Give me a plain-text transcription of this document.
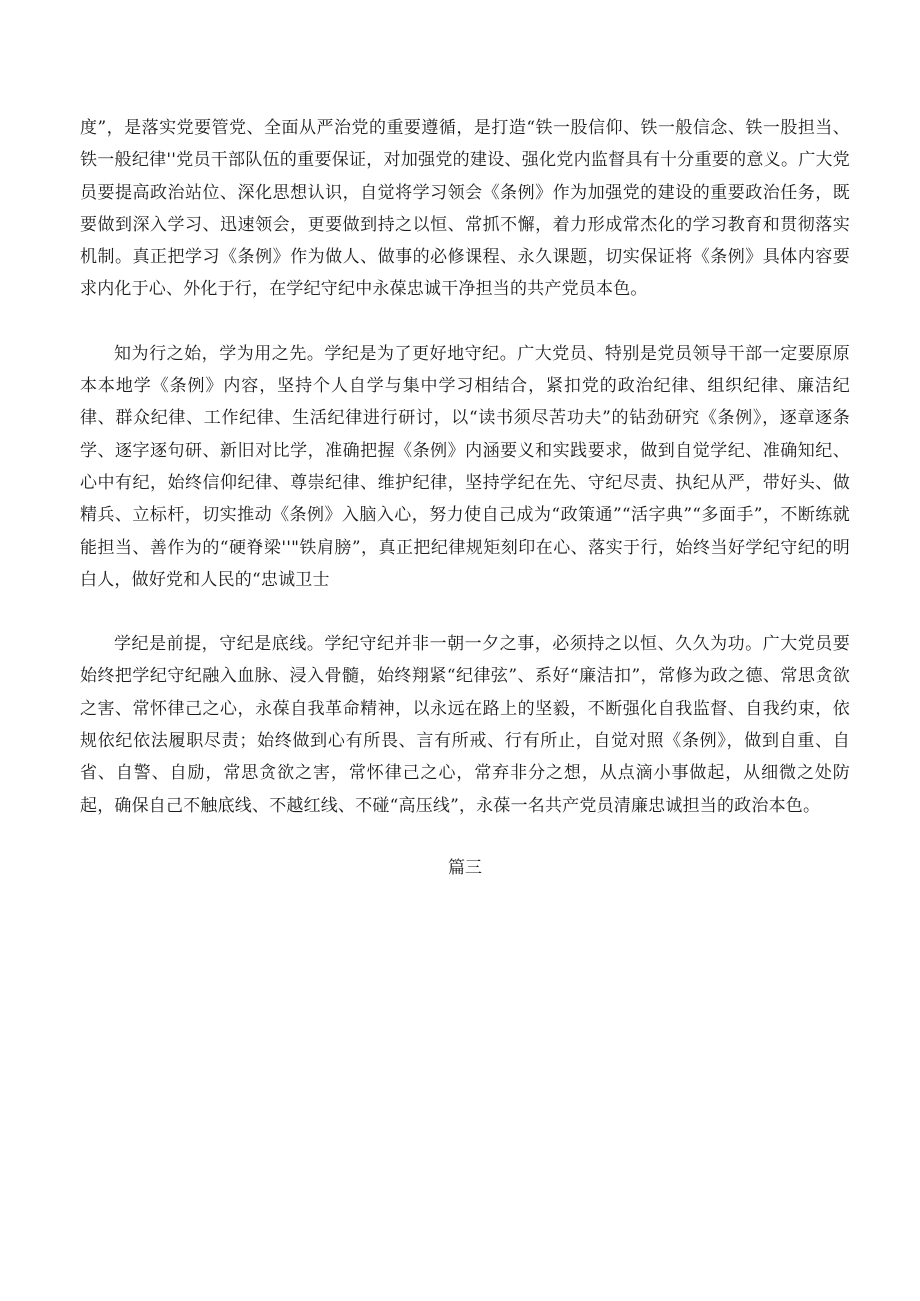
度”，是落实党要管党、全面从严治党的重要遵循，是打造“铁一股信仰、铁一般信念、铁一股担当、铁一般纪律''党员干部队伍的重要保证，对加强党的建设、强化党内监督具有十分重要的意义。广大党员要提高政治站位、深化思想认识，自觉将学习领会《条例》作为加强党的建设的重要政治任务，既要做到深入学习、迅速领会，更要做到持之以恒、常抓不懈，着力形成常杰化的学习教育和贯彻落实机制。真正把学习《条例》作为做人、做事的必修课程、永久课题，切实保证将《条例》具体内容要求内化于心、外化于行，在学纪守纪中永葆忠诚干净担当的共产党员本色。

知为行之始，学为用之先。学纪是为了更好地守纪。广大党员、特别是党员领导干部一定要原原本本地学《条例》内容，坚持个人自学与集中学习相结合，紧扣党的政治纪律、组织纪律、廉洁纪律、群众纪律、工作纪律、生活纪律进行研讨，以“读书须尽苦功夫”的钻劲研究《条例》，逐章逐条学、逐字逐句研、新旧对比学，准确把握《条例》内涵要义和实践要求，做到自觉学纪、准确知纪、心中有纪，始终信仰纪律、尊崇纪律、维护纪律，坚持学纪在先、守纪尽责、执纪从严，带好头、做精兵、立标杆，切实推动《条例》入脑入心，努力使自己成为“政策通”“活字典”“多面手”，不断练就能担当、善作为的“硬脊梁''"铁肩膀”，真正把纪律规矩刻印在心、落实于行，始终当好学纪守纪的明白人，做好党和人民的“忠诚卫士

学纪是前提，守纪是底线。学纪守纪并非一朝一夕之事，必须持之以恒、久久为功。广大党员要始终把学纪守纪融入血脉、浸入骨髓，始终翔紧“纪律弦”、系好“廉洁扣”，常修为政之德、常思贪欲之害、常怀律己之心，永葆自我革命精神，以永远在路上的坚毅，不断强化自我监督、自我约束，依规依纪依法履职尽责；始终做到心有所畏、言有所戒、行有所止，自觉对照《条例》，做到自重、自省、自警、自励，常思贪欲之害，常怀律己之心，常弃非分之想，从点滴小事做起，从细微之处防起，确保自己不触底线、不越红线、不碰“高压线”，永葆一名共产党员清廉忠诚担当的政治本色。

篇三
